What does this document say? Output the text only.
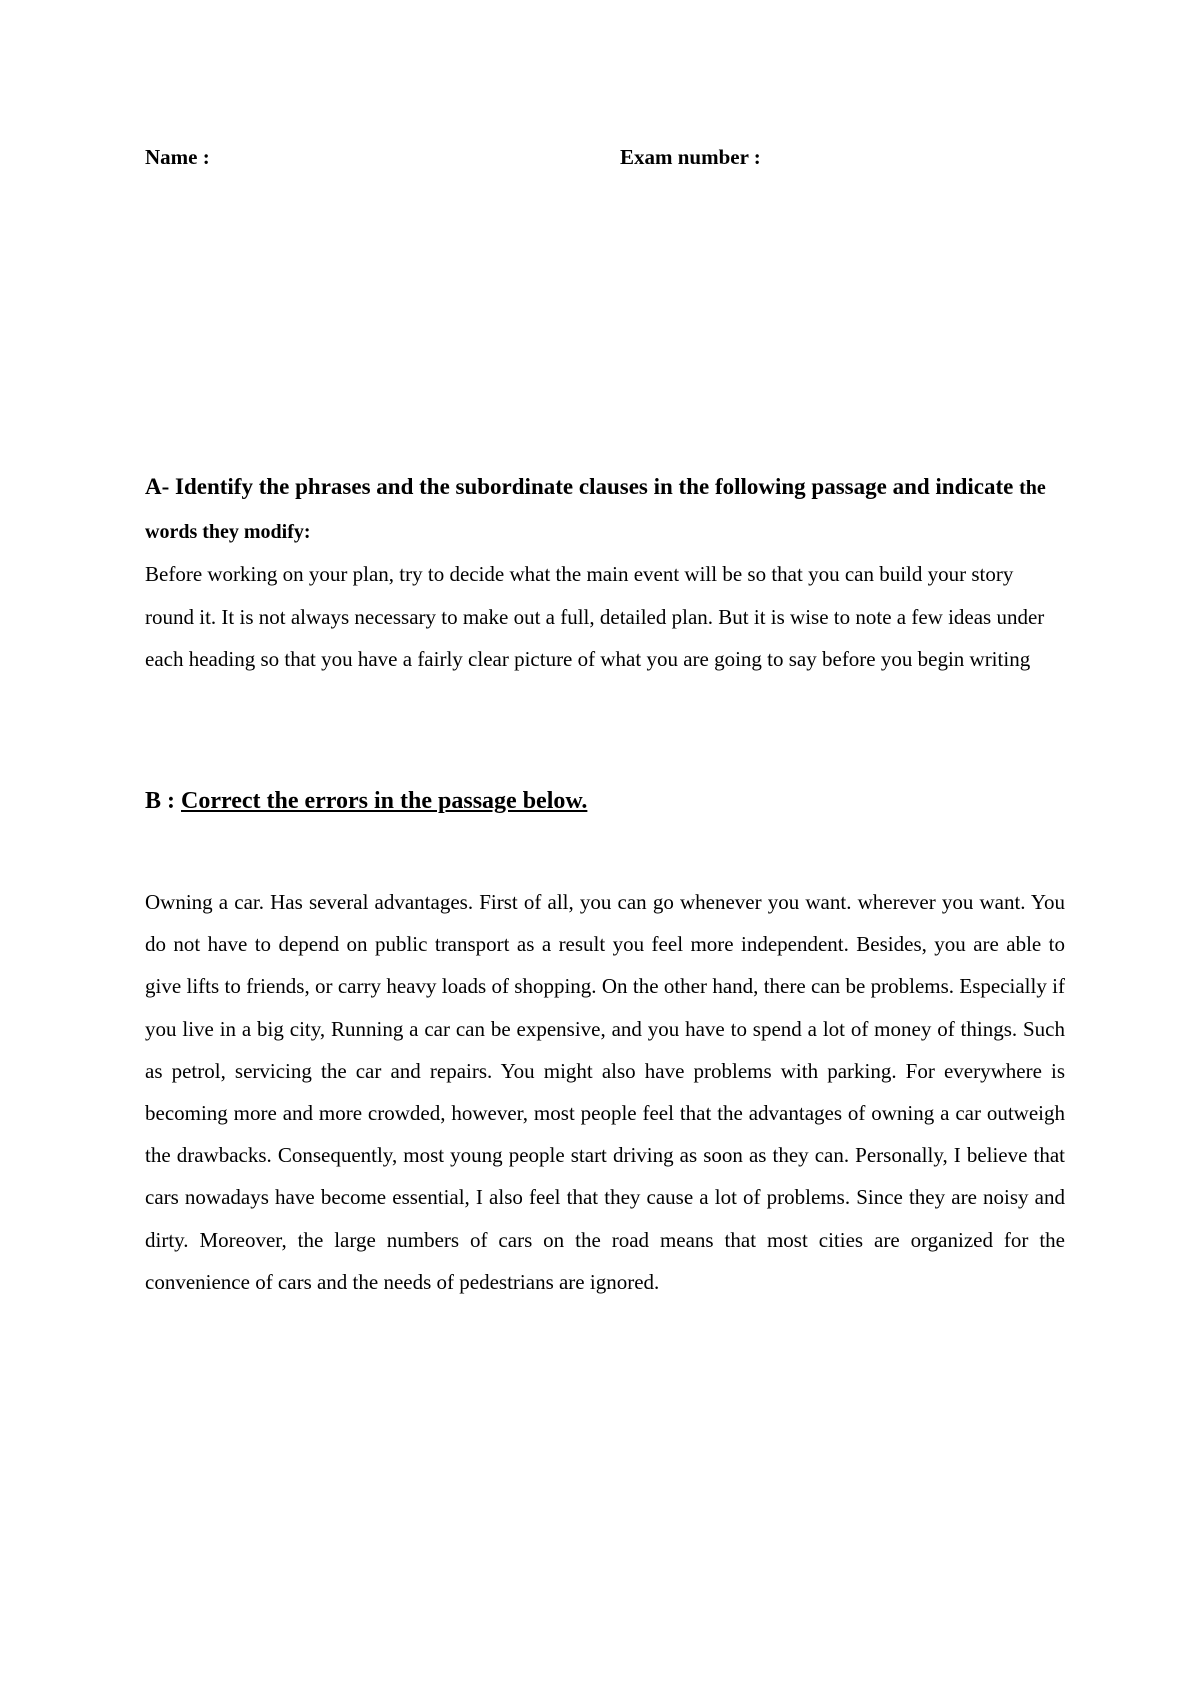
Name :	Exam number :

A- Identify the phrases and the subordinate clauses in the following passage and indicate the

words they modify:

Before working on your plan, try to decide what the main event will be so that you can build your story round it. It is not always necessary to make out a full, detailed plan. But it is wise to note a few ideas under each heading so that you have a fairly clear picture of what you are going to say before you begin writing

B : Correct the errors in the passage below.

Owning a car. Has several advantages. First of all, you can go whenever you want. wherever you want. You do not have to depend on public transport as a result you feel more independent. Besides, you are able to give lifts to friends, or carry heavy loads of shopping. On the other hand, there can be problems. Especially if you live in a big city, Running a car can be expensive, and you have to spend a lot of money of things. Such as petrol, servicing the car and repairs. You might also have problems with parking. For everywhere is becoming more and more crowded, however, most people feel that the advantages of owning a car outweigh the drawbacks. Consequently, most young people start driving as soon as they can. Personally, I believe that cars nowadays have become essential, I also feel that they cause a lot of problems. Since they are noisy and dirty. Moreover, the large numbers of cars on the road means that most cities are organized for the convenience of cars and the needs of pedestrians are ignored.
